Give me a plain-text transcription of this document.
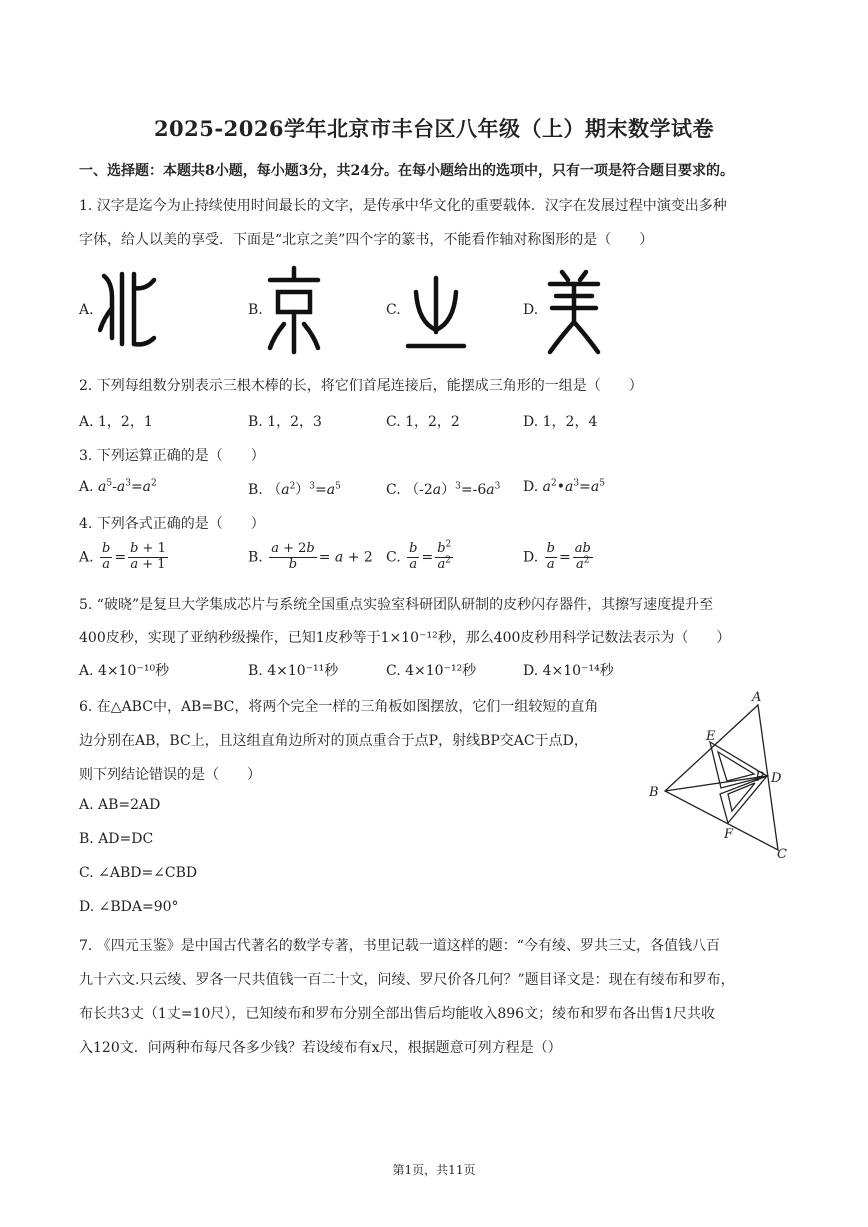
2025-2026学年北京市丰台区八年级（上）期末数学试卷
一、选择题：本题共8小题，每小题3分，共24分。在每小题给出的选项中，只有一项是符合题目要求的。
1. 汉字是迄今为止持续使用时间最长的文字，是传承中华文化的重要载体．汉字在发展过程中演变出多种
字体，给人以美的享受．下面是“北京之美”四个字的篆书，不能看作轴对称图形的是（　　）
A.	B.	C.	D.
2. 下列每组数分别表示三根木棒的长，将它们首尾连接后，能摆成三角形的一组是（　　）
A. 1，2，1	B. 1，2，3	C. 1，2，2	D. 1，2，4
3. 下列运算正确的是（　　）
A. $a^5-a^3=a^2$	B. $(a^2)^3=a^5$	C. $(-2a)^3=-6a^3$ D. $a^2•a^3=a^5$
4. 下列各式正确的是（　　）
A. $\frac{b}{a} = \frac{b + 1}{a + 1}$	B. $\frac{a + 2b}{b} = a + 2$ C. $\frac{b}{a} = \frac{b^2}{a^2}$	D. $\frac{b}{a} = \frac{ab}{a^2}$
5. “破晓”是复旦大学集成芯片与系统全国重点实验室科研团队研制的皮秒闪存器件，其擦写速度提升至
400皮秒，实现了亚纳秒级操作，已知1皮秒等于1×10⁻¹²秒，那么400皮秒用科学记数法表示为（　　）
A. 4×10⁻¹⁰秒	B. 4×10⁻¹¹秒	C. 4×10⁻¹²秒	D. 4×10⁻¹⁴秒
6. 在△ABC中，AB=BC，将两个完全一样的三角板如图摆放，它们一组较短的直角
边分别在AB，BC上，且这组直角边所对的顶点重合于点P，射线BP交AC于点D，
则下列结论错误的是（　　）
A. AB=2AD
B. AD=DC
C. ∠ABD=∠CBD
D. ∠BDA=90°
A
E
P D
B
F
C
7. 《四元玉鉴》是中国古代著名的数学专著，书里记载一道这样的题：“今有绫、罗共三丈，各值钱八百
九十六文.只云绫、罗各一尺共值钱一百二十文，问绫、罗尺价各几何？”题目译文是：现在有绫布和罗布，
布长共3丈（1丈=10尺），已知绫布和罗布分别全部出售后均能收入896文；绫布和罗布各出售1尺共收
入120文．问两种布每尺各多少钱？若设绫布有x尺，根据题意可列方程是（）
第1页，共11页
